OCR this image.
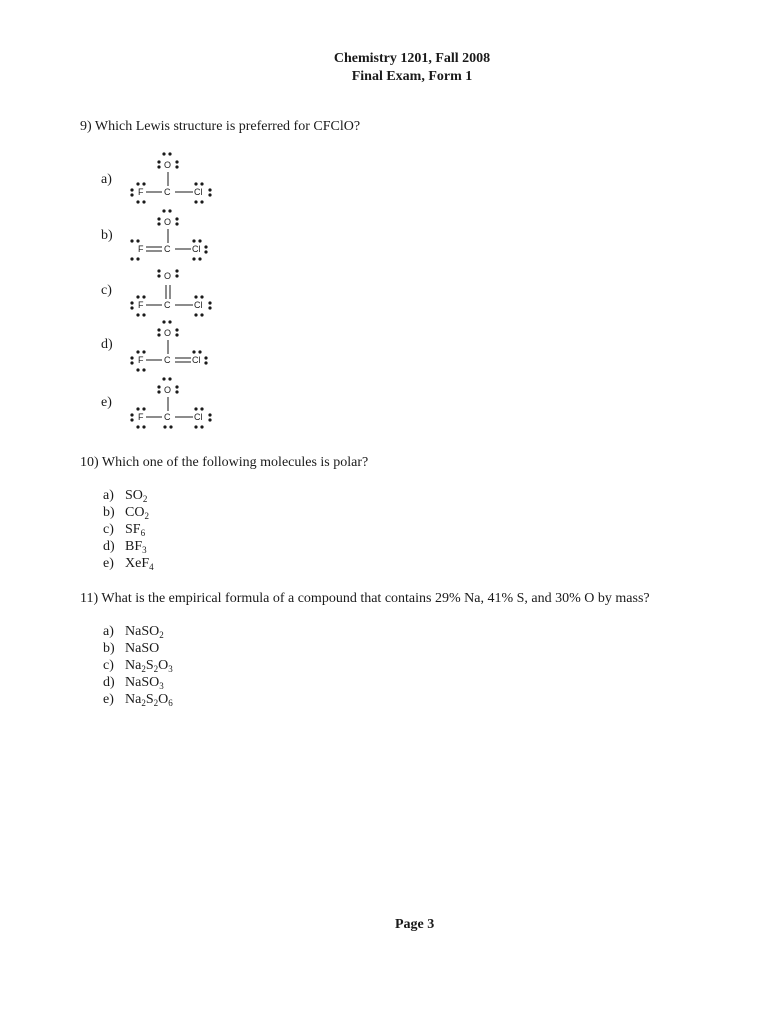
Chemistry 1201, Fall 2008
Final Exam, Form 1
9) Which Lewis structure is preferred for CFClO?
a)
b)
c)
d)
e)
O
F C	Cl
O
F C Cl
O
F C	Cl
O
F C Cl
O
F C	Cl
10) Which one of the following molecules is polar?
a) $SO_2$
b) $CO_2$
c) $SF_6$
d) $BF_3$
e) XeF$_4$
11) What is the empirical formula of a compound that contains 29% Na, 41% S, and 30% O by mass?
a) NaSO$_2$
b) NaSO
c) $Na_2S_2O_3$
d) NaSO$_3$
e) $Na_2S_2O_6$
Page 3
